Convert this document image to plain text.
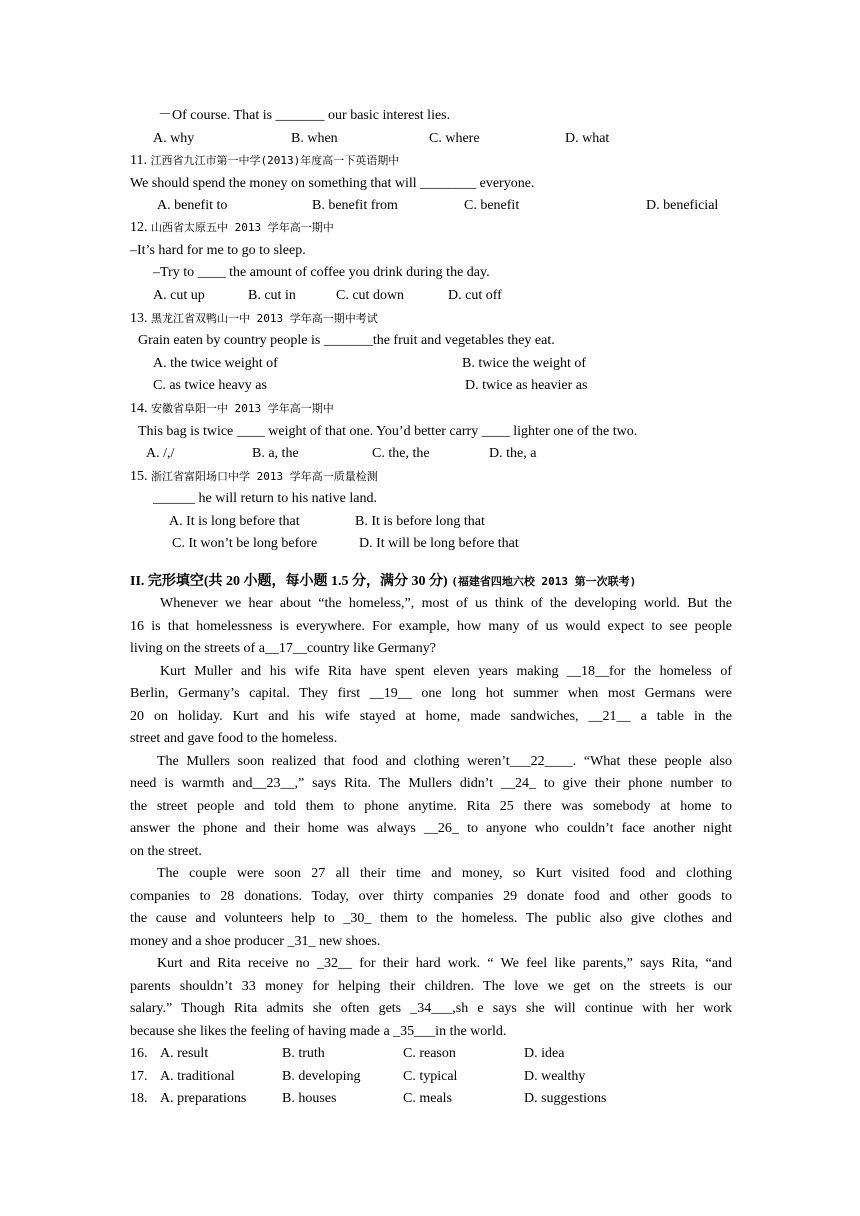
－Of course. That is _______ our basic interest lies.
A. why	B. when	C. where	D. what
11. 江西省九江市第一中学(2013)年度高一下英语期中
We should spend the money on something that will ________ everyone.
A. benefit to	B. benefit from	C. benefit	D. beneficial
12. 山西省太原五中 2013 学年高一期中
–It’s hard for me to go to sleep.
–Try to ____ the amount of coffee you drink during the day.
A. cut up	B. cut in	C. cut down	D. cut off
13. 黑龙江省双鸭山一中 2013 学年高一期中考试
Grain eaten by country people is _______the fruit and vegetables they eat.
A. the twice weight of	B. twice the weight of
C. as twice heavy as	D. twice as heavier as
14. 安徽省阜阳一中 2013 学年高一期中
This bag is twice ____ weight of that one. You’d better carry ____ lighter one of the two.
A. /,/	B. a, the	C. the, the	D. the, a
15. 浙江省富阳场口中学 2013 学年高一质量检测
______ he will return to his native land.
A. It is long before that	B. It is before long that
C. It won’t be long before	D. It will be long before that
II. 完形填空(共 20 小题，每小题 1.5 分，满分 30 分) (福建省四地六校 2013 第一次联考)
Whenever we hear about “the homeless,”, most of us think of the developing world. But the
16 is that homelessness is everywhere. For example, how many of us would expect to see people
living on the streets of a__17__country like Germany?
Kurt Muller and his wife Rita have spent eleven years making __18__for the homeless of
Berlin, Germany’s capital. They first __19__ one long hot summer when most Germans were
20 on holiday. Kurt and his wife stayed at home, made sandwiches, __21__ a table in the
street and gave food to the homeless.
The Mullers soon realized that food and clothing weren’t___22____. “What these people also
need is warmth and__23__,” says Rita. The Mullers didn’t __24_ to give their phone number to
the street people and told them to phone anytime. Rita 25 there was somebody at home to
answer the phone and their home was always __26_ to anyone who couldn’t face another night
on the street.
The couple were soon 27 all their time and money, so Kurt visited food and clothing
companies to 28 donations. Today, over thirty companies 29 donate food and other goods to
the cause and volunteers help to _30_ them to the homeless. The public also give clothes and
money and a shoe producer _31_ new shoes.
Kurt and Rita receive no _32__ for their hard work. “ We feel like parents,” says Rita, “and
parents shouldn’t 33 money for helping their children. The love we get on the streets is our
salary.” Though Rita admits she often gets _34___,sh e says she will continue with her work
because she likes the feeling of having made a _35___in the world.
16. A. result	B. truth	C. reason	D. idea
17. A. traditional	B. developing	C. typical	D. wealthy
18. A. preparations	B. houses	C. meals	D. suggestions
